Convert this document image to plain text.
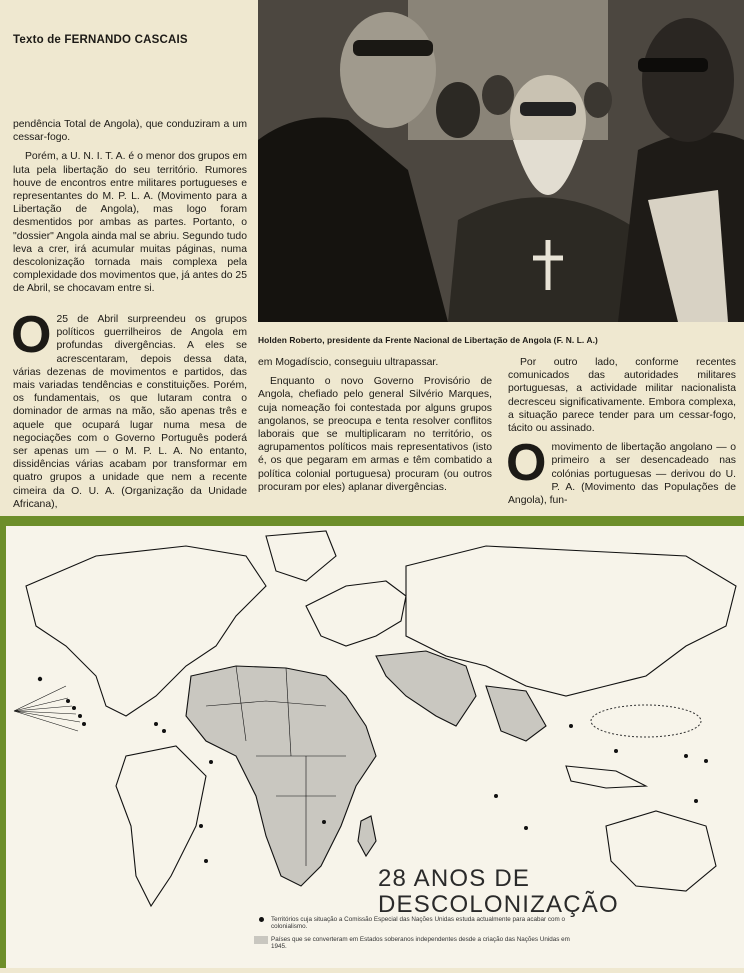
Texto de FERNANDO CASCAIS

pendência Total de Angola), que conduziram a um cessar-fogo.

Porém, a U. N. I. T. A. é o menor dos grupos em luta pela libertação do seu território. Rumores houve de encontros entre militares portugueses e representantes do M. P. L. A. (Movimento para a Libertação de Angola), mas logo foram desmentidos por ambas as partes. Portanto, o "dossier" Angola ainda mal se abriu. Segundo tudo leva a crer, irá acumular muitas páginas, numa descolonização tornada mais complexa pela complexidade dos movimentos que, já antes do 25 de Abril, se chocavam entre si.

O 25 de Abril surpreendeu os grupos políticos guerrilheiros de Angola em profundas divergências. A eles se acrescentaram, depois dessa data, várias dezenas de movimentos e partidos, das mais variadas tendências e constituições. Porém, os fundamentais, os que lutaram contra o dominador de armas na mão, são apenas três e aquele que ocupará lugar numa mesa de negociações com o Governo Português poderá ser apenas um — o M. P. L. A. No entanto, dissidências várias acabam por transformar em quatro grupos a unidade que nem a recente cimeira da O. U. A. (Organização da Unidade Africana),

Holden Roberto, presidente da Frente Nacional de Libertação de Angola (F. N. L. A.)

em Mogadíscio, conseguiu ultrapassar.

Enquanto o novo Governo Provisório de Angola, chefiado pelo general Silvério Marques, cuja nomeação foi contestada por alguns grupos angolanos, se preocupa e tenta resolver conflitos laborais que se multiplicaram no território, os agrupamentos políticos mais representativos (isto é, os que pegaram em armas e têm combatido a política colonial portuguesa) procuram (ou outros procuram por eles) aplanar divergências.

Por outro lado, conforme recentes comunicados das autoridades militares portuguesas, a actividade militar nacionalista decresceu significativamente. Embora complexa, a situação parece tender para um cessar-fogo, tácito ou assinado.

Omovimento de libertação angolano — o primeiro a ser desencadeado nas colónias portuguesas — derivou do U. P. A. (Movimento das Populações de Angola), fun-

28 ANOS DE
DESCOLONIZAÇÃO
Territórios cuja situação a Comissão Especial das Nações Unidas estuda actualmente para acabar com o colonialismo.
Países que se converteram em Estados soberanos independentes desde a criação das Nações Unidas em 1945.
